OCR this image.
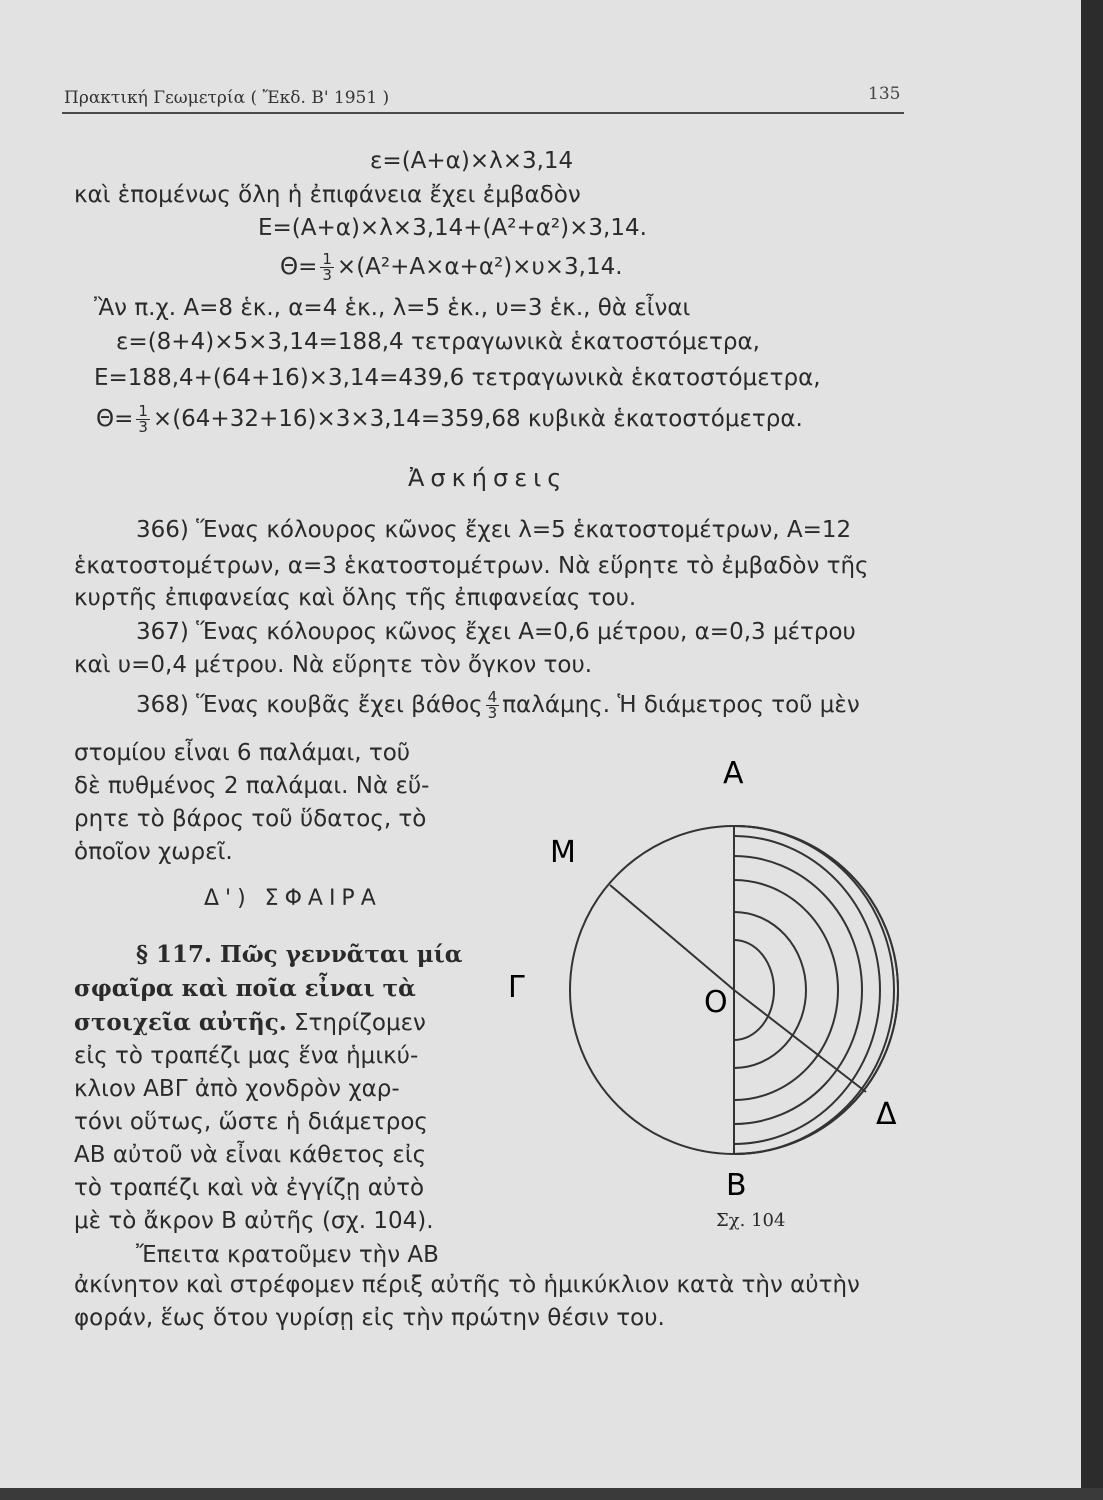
Πρακτική Γεωμετρία ( Ἔκδ. Β' 1951 )	135
ε=(Α+α)×λ×3,14
καὶ ἑπομένως ὅλη ἡ ἐπιφάνεια ἔχει ἐμβαδὸν
Ε=(Α+α)×λ×3,14+(Α²+α²)×3,14.
$\Theta= \frac{1}{3} \times(A^2+A\times\alpha+\alpha^2)\times\upsilon\times 3,14$.
Ἂν π.χ. Α=8 ἑκ., α=4 ἑκ., λ=5 ἑκ., υ=3 ἑκ., θὰ εἶναι
ε=(8+4)×5×3,14=188,4 τετραγωνικὰ ἑκατοστόμετρα,
Ε=188,4+(64+16)×3,14=439,6 τετραγωνικὰ ἑκατοστόμετρα,
$\Theta= \frac{1}{3} \times(64+32+16)\times 3\times 3,14=359,68$ κυβικὰ ἑκατοστόμετρα.
Ἀσκήσεις
366) Ἕνας κόλουρος κῶνος ἔχει λ=5 ἑκατοστομέτρων, Α=12
ἑκατοστομέτρων, α=3 ἑκατοστομέτρων. Νὰ εὕρητε τὸ ἐμβαδὸν τῆς
κυρτῆς ἐπιφανείας καὶ ὅλης τῆς ἐπιφανείας του.
367) Ἕνας κόλουρος κῶνος ἔχει Α=0,6 μέτρου, α=0,3 μέτρου
καὶ υ=0,4 μέτρου. Νὰ εὕρητε τὸν ὄγκον του.
368) Ἕνας κουβᾶς ἔχει βάθος $\frac{4}{3} \pi\alpha\lambda ά\mu\eta\varsigma$. Ἡ διάμετρος τοῦ μὲν
στομίου εἶναι 6 παλάμαι, τοῦ
δὲ πυθμένος 2 παλάμαι. Νὰ εὕ-
ρητε τὸ βάρος τοῦ ὕδατος, τὸ
ὁποῖον χωρεῖ.
Δ') ΣΦΑΙΡΑ
§ 117. Πῶς γεννᾶται μία
σφαῖρα καὶ ποῖα εἶναι τὰ
στοιχεῖα αὐτῆς. Στηρίζομεν
εἰς τὸ τραπέζι μας ἕνα ἡμικύ-
κλιον ΑΒΓ ἀπὸ χονδρὸν χαρ-
τόνι οὕτως, ὥστε ἡ διάμετρος
ΑΒ αὐτοῦ νὰ εἶναι κάθετος εἰς
τὸ τραπέζι καὶ νὰ ἐγγίζῃ αὐτὸ
μὲ τὸ ἄκρον Β αὐτῆς (σχ. 104).
Ἔπειτα κρατοῦμεν τὴν ΑΒ
ἀκίνητον καὶ στρέφομεν πέριξ αὐτῆς τὸ ἡμικύκλιον κατὰ τὴν αὐτὴν
φοράν, ἕως ὅτου γυρίσῃ εἰς τὴν πρώτην θέσιν του.
Α
Β
Γ
Δ
Μ
Ο
Σχ. 104
